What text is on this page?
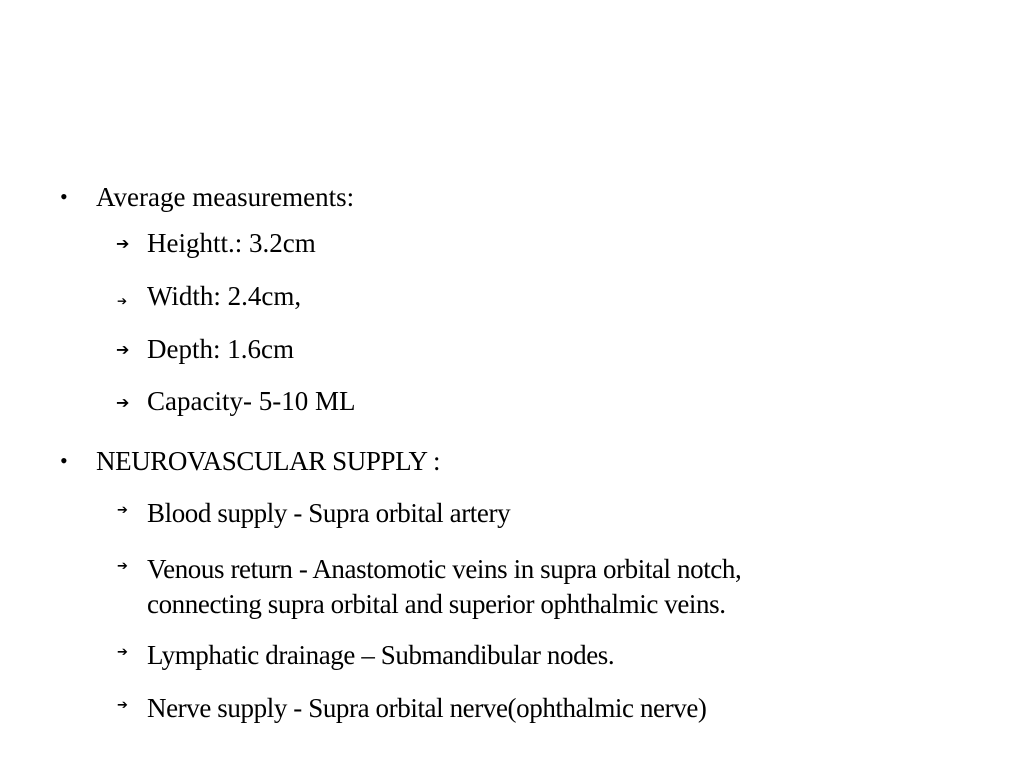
• Average measurements:
➔ Heightt.: 3.2cm
➔ Width: 2.4cm,
➔ Depth: 1.6cm
➔ Capacity- 5-10 ML
• NEUROVASCULAR SUPPLY :
➔ Blood supply - Supra orbital artery
➔ Venous return - Anastomotic veins in supra orbital notch,
connecting supra orbital and superior ophthalmic veins.
➔ Lymphatic drainage – Submandibular nodes.
➔ Nerve supply - Supra orbital nerve(ophthalmic nerve)
